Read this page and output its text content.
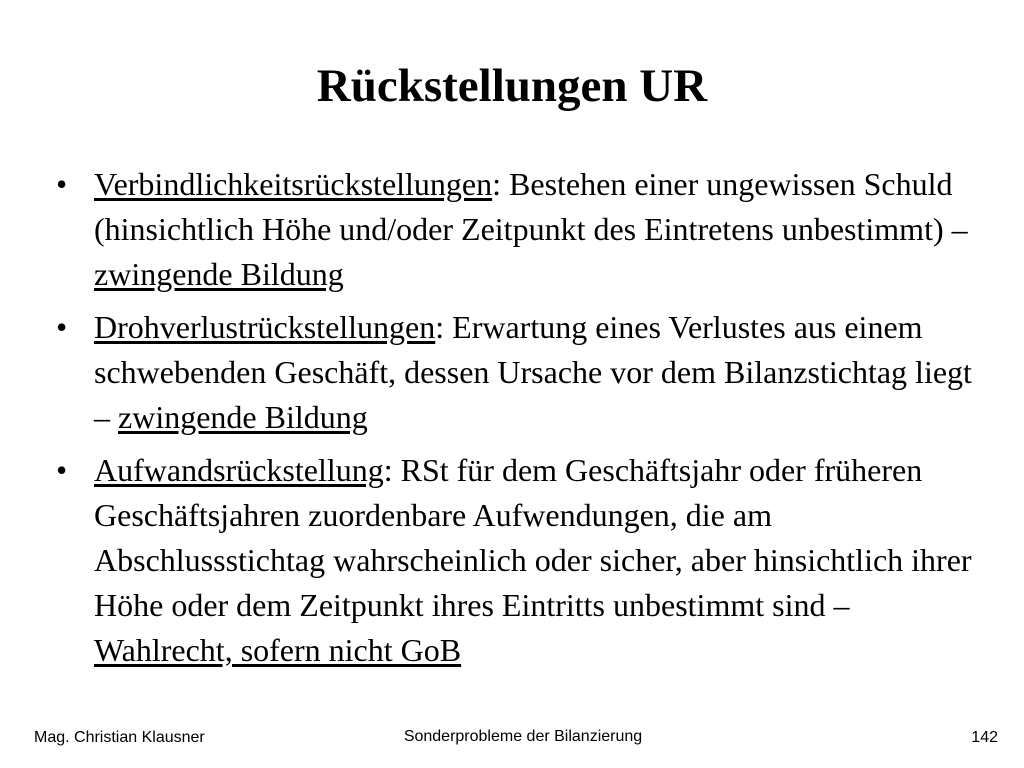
Rückstellungen UR
• Verbindlichkeitsrückstellungen: Bestehen einer ungewissen Schuld (hinsichtlich Höhe und/oder Zeitpunkt des Eintretens unbestimmt) – zwingende Bildung
• Drohverlustrückstellungen: Erwartung eines Verlustes aus einem schwebenden Geschäft, dessen Ursache vor dem Bilanzstichtag liegt – zwingende Bildung
• Aufwandsrückstellung: RSt für dem Geschäftsjahr oder früheren Geschäftsjahren zuordenbare Aufwendungen, die am Abschlussstichtag wahrscheinlich oder sicher, aber hinsichtlich ihrer Höhe oder dem Zeitpunkt ihres Eintritts unbestimmt sind – Wahlrecht, sofern nicht GoB
Mag. Christian Klausner	Sonderprobleme der Bilanzierung	142
